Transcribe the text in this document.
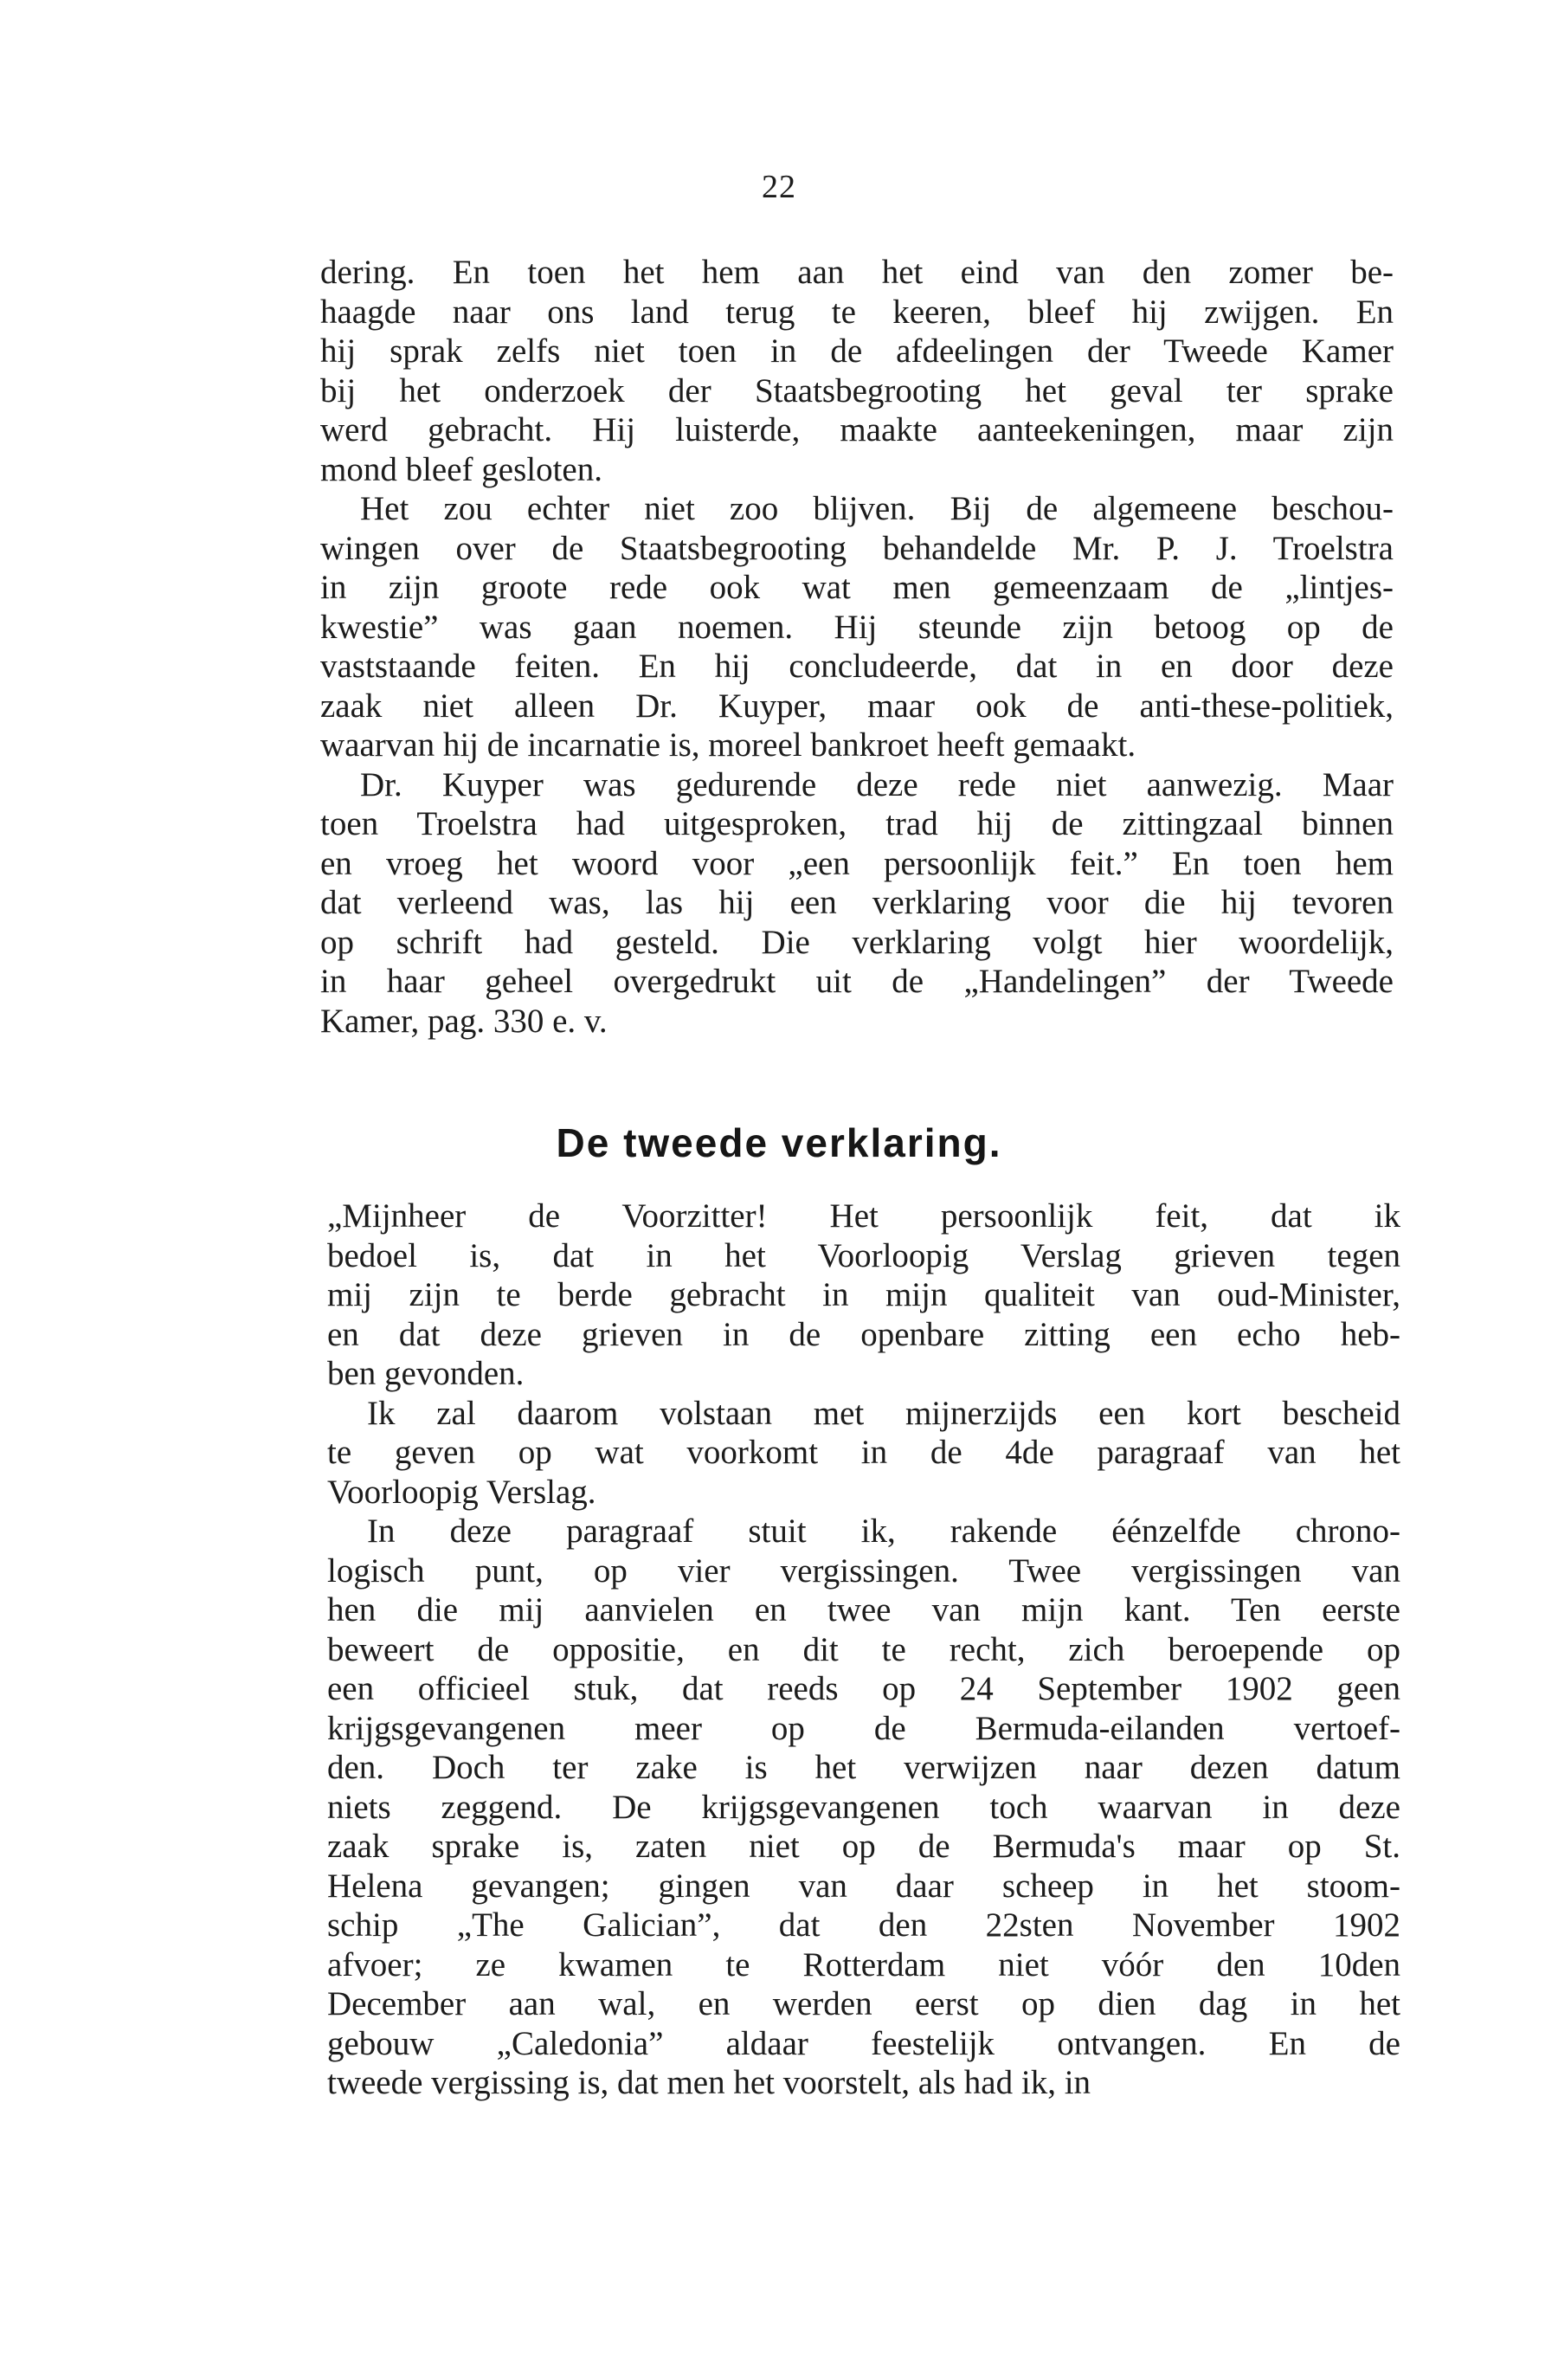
22
dering. En toen het hem aan het eind van den zomer be-
haagde naar ons land terug te keeren, bleef hij zwijgen. En
hij sprak zelfs niet toen in de afdeelingen der Tweede Kamer
bij het onderzoek der Staatsbegrooting het geval ter sprake
werd gebracht. Hij luisterde, maakte aanteekeningen, maar zijn
mond bleef gesloten.
Het zou echter niet zoo blijven. Bij de algemeene beschou-
wingen over de Staatsbegrooting behandelde Mr. P. J. Troelstra
in zijn groote rede ook wat men gemeenzaam de „lintjes-
kwestie” was gaan noemen. Hij steunde zijn betoog op de
vaststaande feiten. En hij concludeerde, dat in en door deze
zaak niet alleen Dr. Kuyper, maar ook de anti-these-politiek,
waarvan hij de incarnatie is, moreel bankroet heeft gemaakt.
Dr. Kuyper was gedurende deze rede niet aanwezig. Maar
toen Troelstra had uitgesproken, trad hij de zittingzaal binnen
en vroeg het woord voor „een persoonlijk feit.” En toen hem
dat verleend was, las hij een verklaring voor die hij tevoren
op schrift had gesteld. Die verklaring volgt hier woordelijk,
in haar geheel overgedrukt uit de „Handelingen” der Tweede
Kamer, pag. 330 e. v.
De tweede verklaring.
„Mijnheer de Voorzitter! Het persoonlijk feit, dat ik
bedoel is, dat in het Voorloopig Verslag grieven tegen
mij zijn te berde gebracht in mijn qualiteit van oud-Minister,
en dat deze grieven in de openbare zitting een echo heb-
ben gevonden.
Ik zal daarom volstaan met mijnerzijds een kort bescheid
te geven op wat voorkomt in de 4de paragraaf van het
Voorloopig Verslag.
In deze paragraaf stuit ik, rakende éénzelfde chrono-
logisch punt, op vier vergissingen. Twee vergissingen van
hen die mij aanvielen en twee van mijn kant. Ten eerste
beweert de oppositie, en dit te recht, zich beroepende op
een officieel stuk, dat reeds op 24 September 1902 geen
krijgsgevangenen meer op de Bermuda-eilanden vertoef-
den. Doch ter zake is het verwijzen naar dezen datum
niets zeggend. De krijgsgevangenen toch waarvan in deze
zaak sprake is, zaten niet op de Bermuda's maar op St.
Helena gevangen; gingen van daar scheep in het stoom-
schip „The Galician”, dat den 22sten November 1902
afvoer; ze kwamen te Rotterdam niet vóór den 10den
December aan wal, en werden eerst op dien dag in het
gebouw „Caledonia” aldaar feestelijk ontvangen. En de
tweede vergissing is, dat men het voorstelt, als had ik, in
